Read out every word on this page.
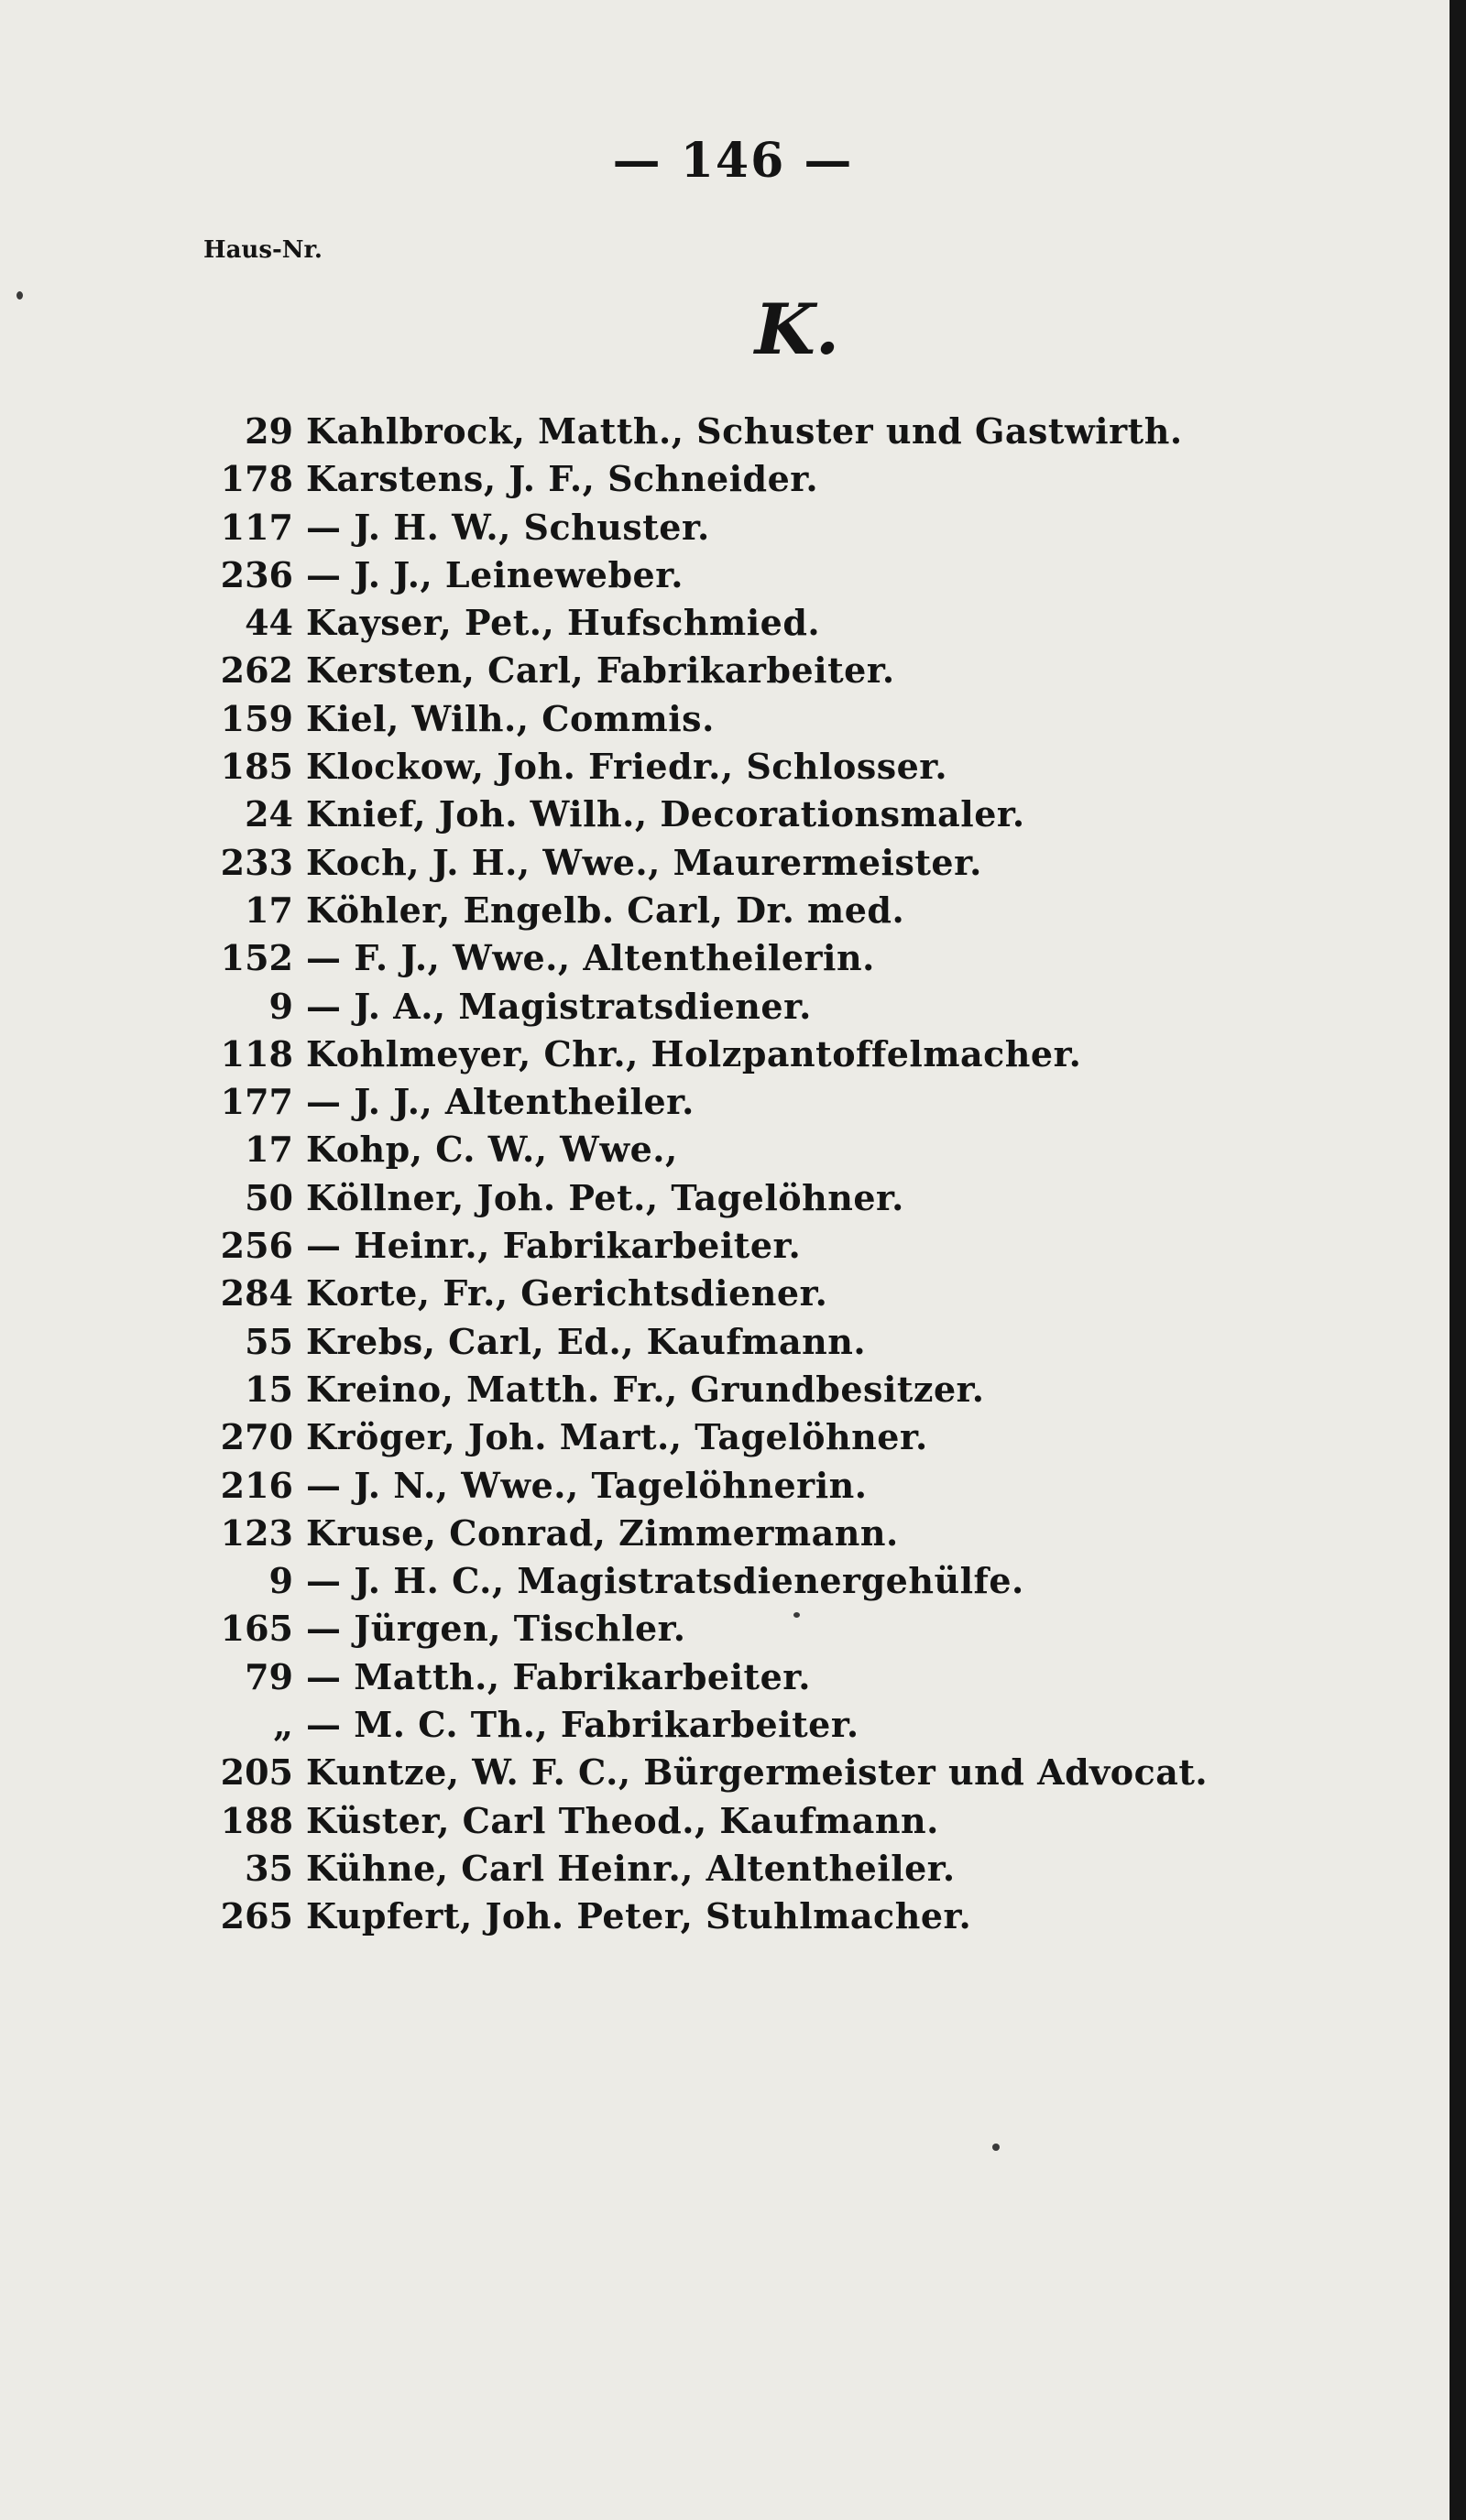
— 146 —
Haus-Nr.
K.
29 Kahlbrock, Matth., Schuster und Gastwirth.
178 Karstens, J. F., Schneider.
117 — J. H. W., Schuster.
236 — J. J., Leineweber.
44 Kayser, Pet., Hufschmied.
262 Kersten, Carl, Fabrikarbeiter.
159 Kiel, Wilh., Commis.
185 Klockow, Joh. Friedr., Schlosser.
24 Knief, Joh. Wilh., Decorationsmaler.
233 Koch, J. H., Wwe., Maurermeister.
17 Köhler, Engelb. Carl, Dr. med.
152 — F. J., Wwe., Altentheilerin.
9 — J. A., Magistratsdiener.
118 Kohlmeyer, Chr., Holzpantoffelmacher.
177 — J. J., Altentheiler.
17 Kohp, C. W., Wwe.,
50 Köllner, Joh. Pet., Tagelöhner.
256 — Heinr., Fabrikarbeiter.
284 Korte, Fr., Gerichtsdiener.
55 Krebs, Carl, Ed., Kaufmann.
15 Kreino, Matth. Fr., Grundbesitzer.
270 Kröger, Joh. Mart., Tagelöhner.
216 — J. N., Wwe., Tagelöhnerin.
123 Kruse, Conrad, Zimmermann.
9 — J. H. C., Magistratsdienergehülfe.
165 — Jürgen, Tischler.
79 — Matth., Fabrikarbeiter.
„ — M. C. Th., Fabrikarbeiter.
205 Kuntze, W. F. C., Bürgermeister und Advocat.
188 Küster, Carl Theod., Kaufmann.
35 Kühne, Carl Heinr., Altentheiler.
265 Kupfert, Joh. Peter, Stuhlmacher.
